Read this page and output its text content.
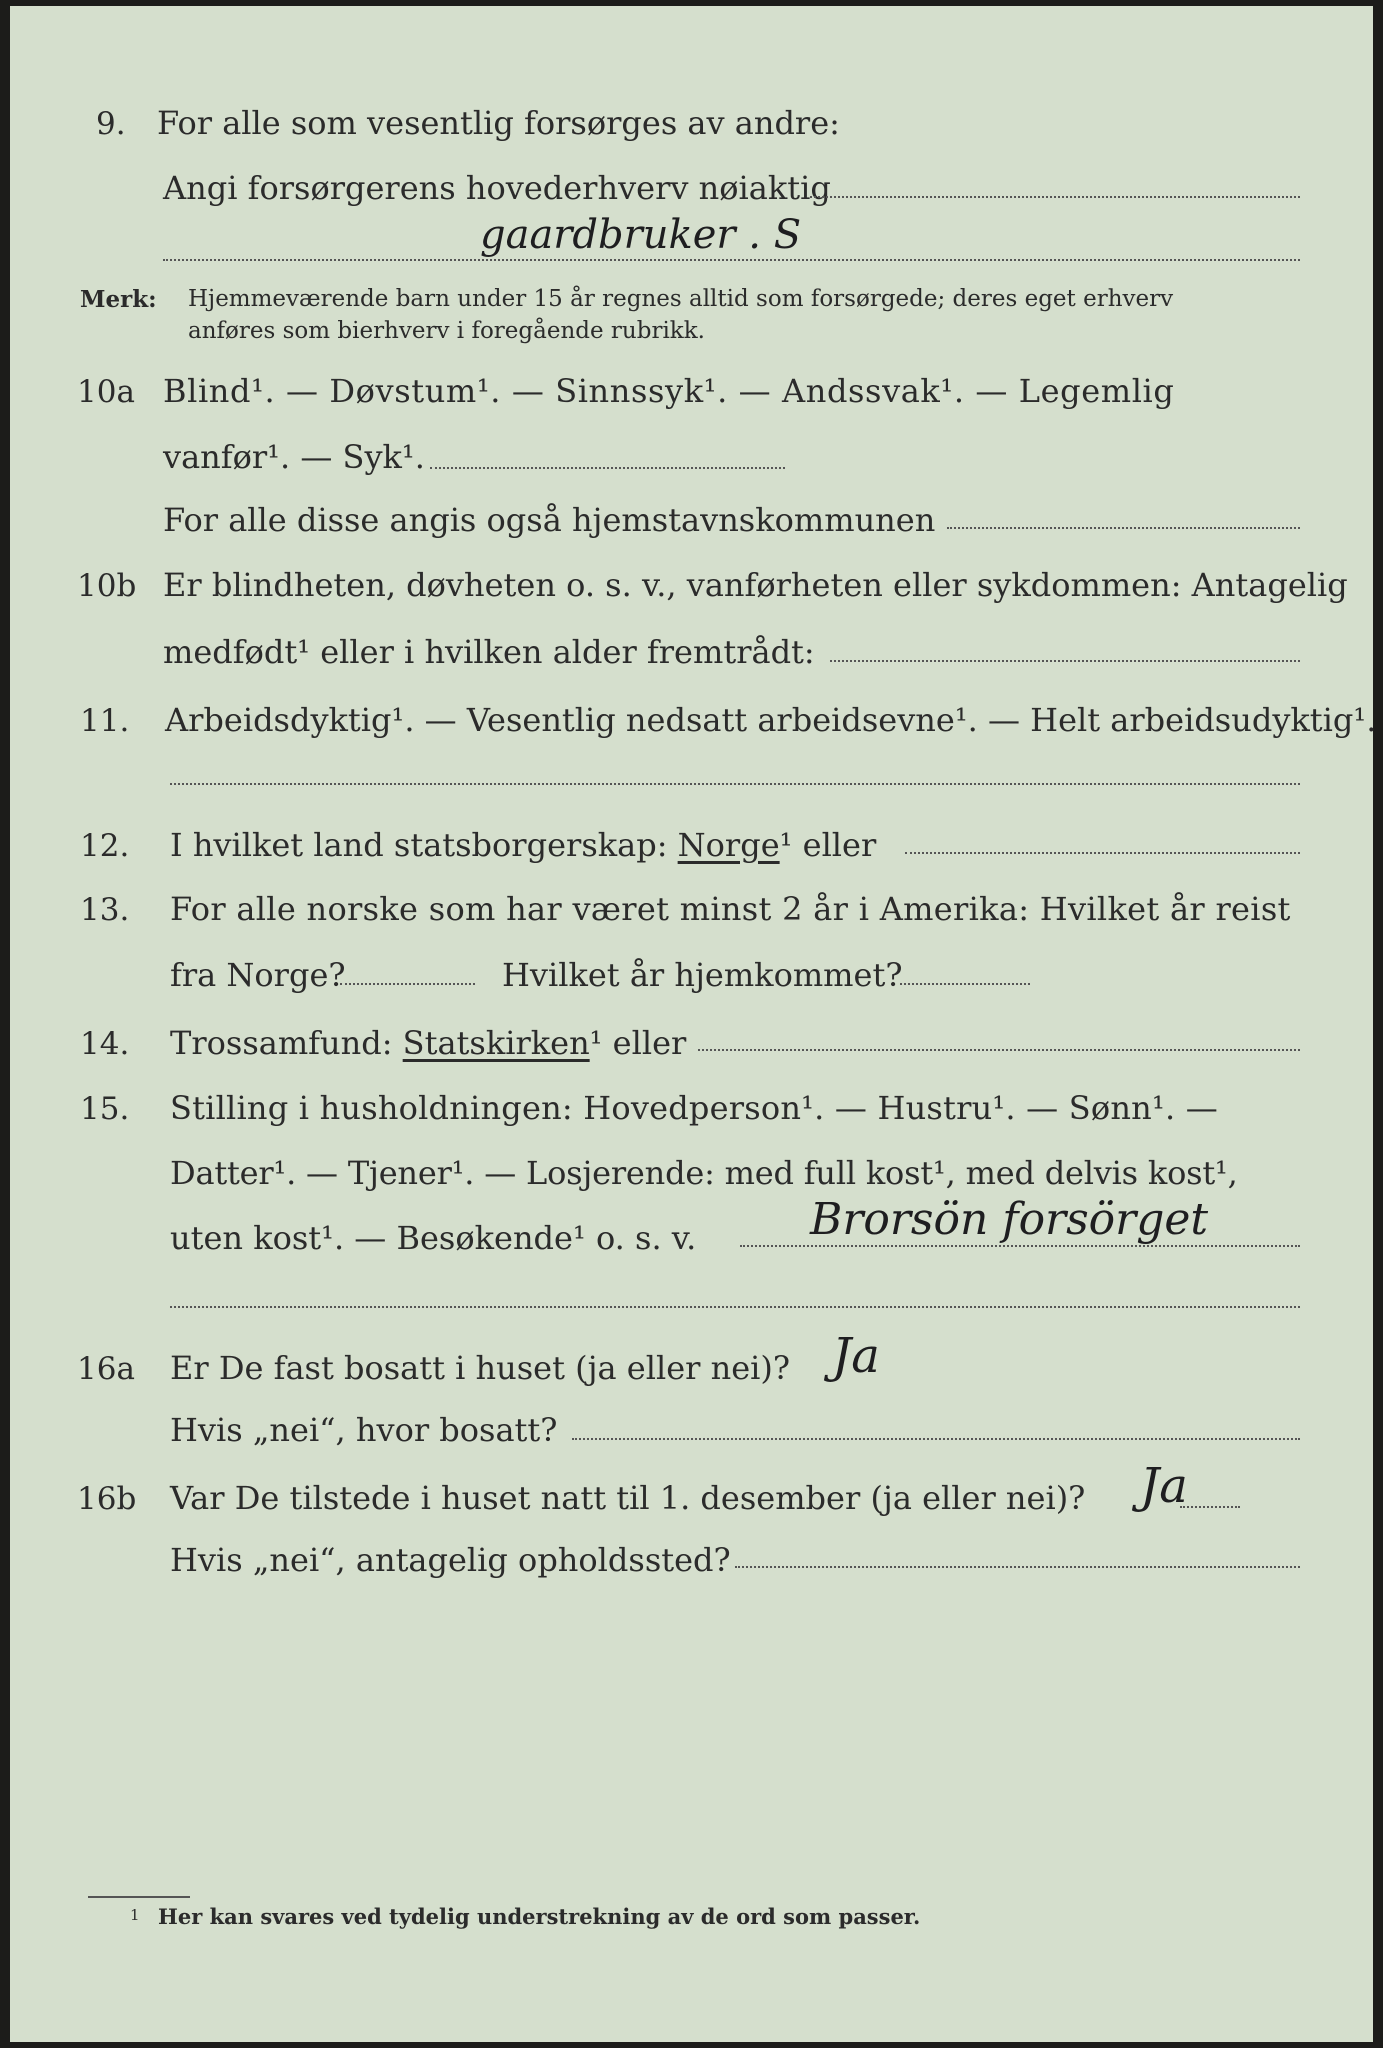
9. For alle som vesentlig forsørges av andre:
Angi forsørgerens hovederhverv nøiaktig
gaardbruker . S
Merk: Hjemmeværende barn under 15 år regnes alltid som forsørgede; deres eget erhverv
anføres som bierhverv i foregående rubrikk.
10a Blind¹. — Døvstum¹. — Sinnssyk¹. — Andssvak¹. — Legemlig
vanfør¹. — Syk¹.
For alle disse angis også hjemstavnskommunen
10b Er blindheten, døvheten o. s. v., vanførheten eller sykdommen: Antagelig
medfødt¹ eller i hvilken alder fremtrådt:
11. Arbeidsdyktig¹. — Vesentlig nedsatt arbeidsevne¹. — Helt arbeidsudyktig¹.
12. I hvilket land statsborgerskap: Norge¹ eller
13. For alle norske som har været minst 2 år i Amerika: Hvilket år reist
fra Norge?	Hvilket år hjemkommet?
14. Trossamfund: Statskirken¹ eller
15. Stilling i husholdningen: Hovedperson¹. — Hustru¹. — Sønn¹. —
Datter¹. — Tjener¹. — Losjerende: med full kost¹, med delvis kost¹,
uten kost¹. — Besøkende¹ o. s. v.	Brorsön forsörget
16a Er De fast bosatt i huset (ja eller nei)? Ja
Hvis „nei“, hvor bosatt?
16b Var De tilstede i huset natt til 1. desember (ja eller nei)? Ja
Hvis „nei“, antagelig opholdssted?
1 Her kan svares ved tydelig understrekning av de ord som passer.
